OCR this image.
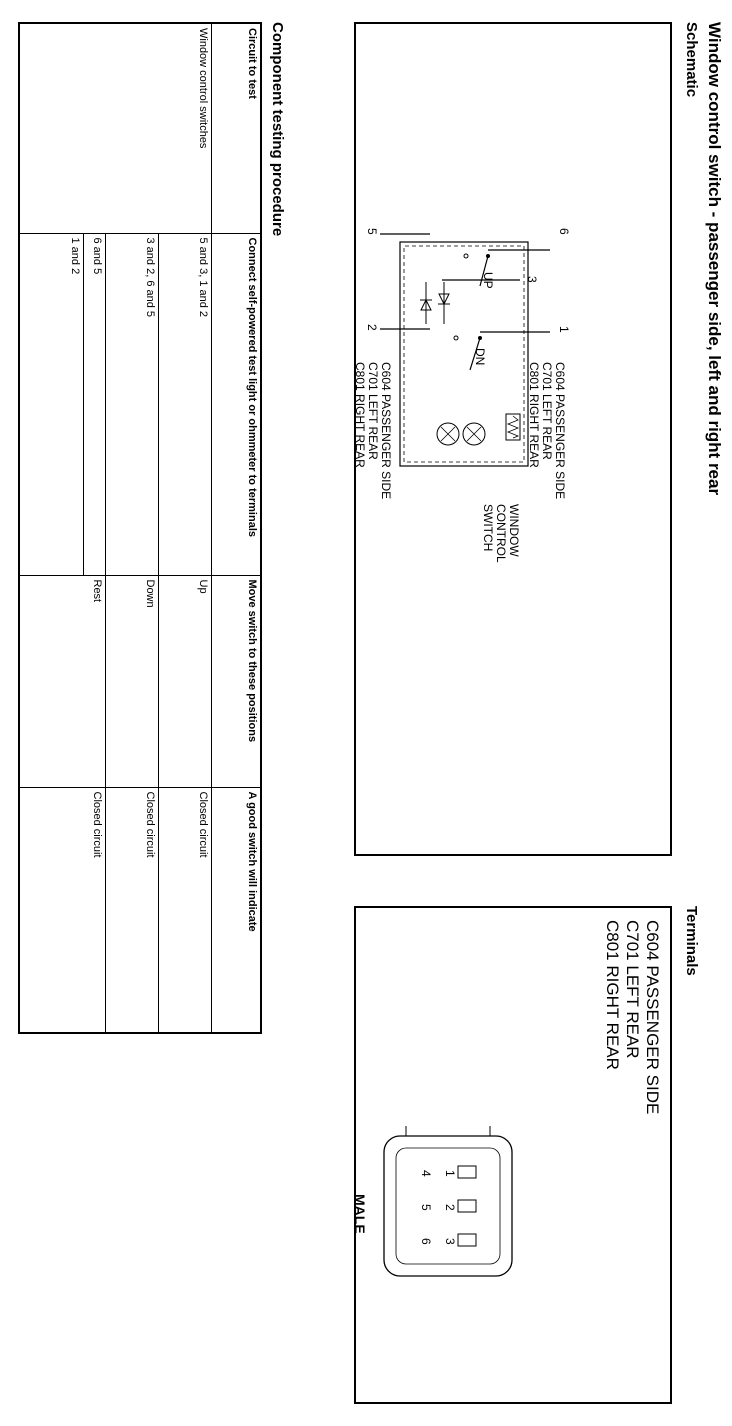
Window control switch - passenger side, left and right rear
Schematic
6
3
1
5
2
UP
DN
C604 PASSENGER SIDE
C701 LEFT REAR
C801 RIGHT REAR
WINDOW
CONTROL
SWITCH
C604 PASSENGER SIDE
C701 LEFT REAR
C801 RIGHT REAR
Terminals
C604 PASSENGER SIDE
C701 LEFT REAR
C801 RIGHT REAR
1
2
3
4
5
6
MALE
Component testing procedure
Circuit to test	Connect self-powered test light or ohmmeter to terminals	Move switch to these positions	A good switch will indicate
Window control switches	5 and 3, 1 and 2	Up	Closed circuit
	3 and 2, 6 and 5	Down	Closed circuit
	6 and 5	Rest	Closed circuit
	1 and 2		
